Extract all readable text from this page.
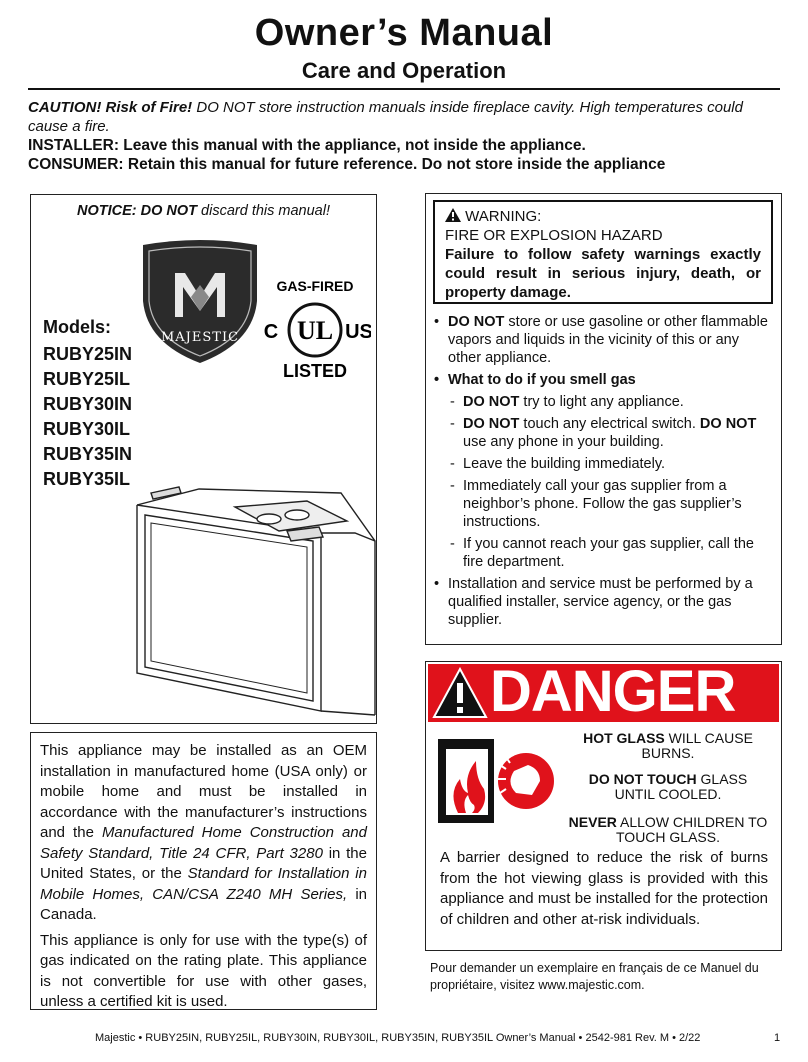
Owner’s Manual
Care and Operation
CAUTION! Risk of Fire! DO NOT store instruction manuals inside fireplace cavity. High temperatures could cause a fire.
INSTALLER: Leave this manual with the appliance, not inside the appliance.
CONSUMER: Retain this manual for future reference. Do not store inside the appliance
NOTICE: DO NOT discard this manual!
MAJESTIC
GAS-FIRED
UL
C	US
LISTED
Models:
RUBY25IN
RUBY25IL
RUBY30IN
RUBY30IL
RUBY35IN
RUBY35IL

This appliance may be installed as an OEM installation in manufactured home (USA only) or mobile home and must be installed in accordance with the manufacturer’s instructions and the Manufactured Home Construction and Safety Standard, Title 24 CFR, Part 3280 in the United States, or the Standard for Installation in Mobile Homes, CAN/CSA Z240 MH Series, in Canada.

This appliance is only for use with the type(s) of gas indicated on the rating plate. This appliance is not convertible for use with other gases, unless a certified kit is used.

WARNING:
FIRE OR EXPLOSION HAZARD
Failure to follow safety warnings exactly could result in serious injury, death, or property damage.
• DO NOT store or use gasoline or other flammable vapors and liquids in the vicinity of this or any other appliance.
• What to do if you smell gas
- DO NOT try to light any appliance.
- DO NOT touch any electrical switch. DO NOT use any phone in your building.
- Leave the building immediately.
- Immediately call your gas supplier from a neighbor’s phone. Follow the gas supplier’s instructions.
- If you cannot reach your gas supplier, call the fire department.
• Installation and service must be performed by a qualified installer, service agency, or the gas supplier.
DANGER
HOT GLASS WILL CAUSE BURNS.
DO NOT TOUCH GLASS UNTIL COOLED.
NEVER ALLOW CHILDREN TO TOUCH GLASS.
A barrier designed to reduce the risk of burns from the hot viewing glass is provided with this appliance and must be installed for the protection of children and other at-risk individuals.
Pour demander un exemplaire en français de ce Manuel du propriétaire, visitez www.majestic.com.
Majestic • RUBY25IN, RUBY25IL, RUBY30IN, RUBY30IL, RUBY35IN, RUBY35IL Owner’s Manual • 2542-981 Rev. M • 2/22	1
